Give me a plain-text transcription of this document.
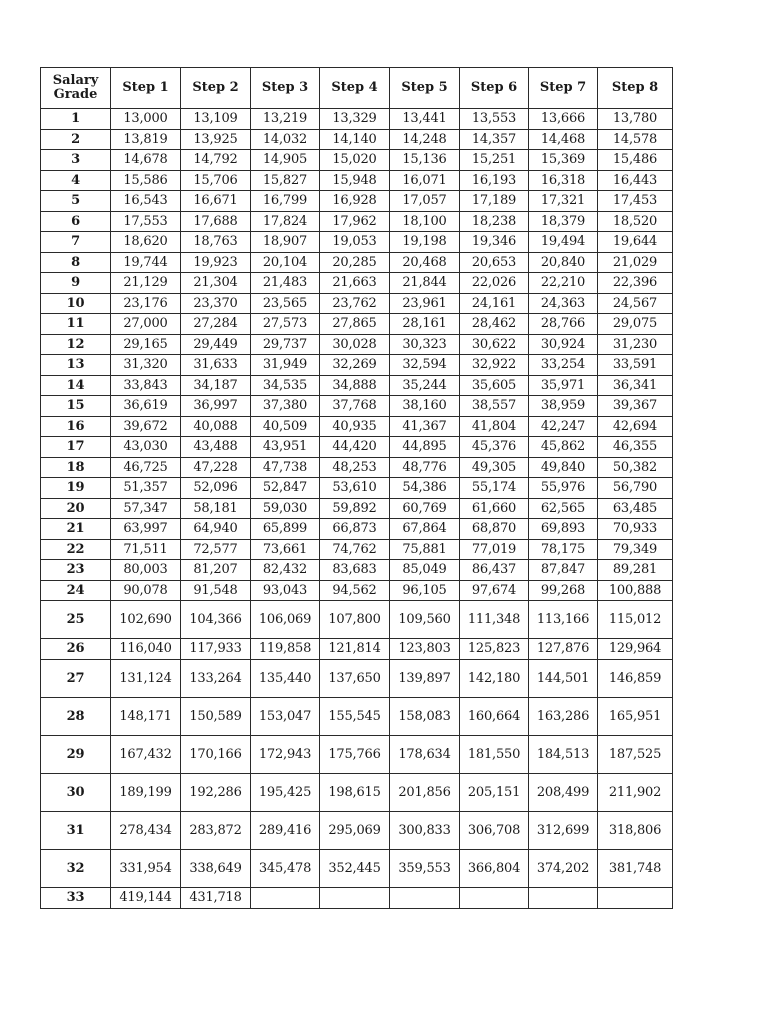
Salary
Grade	Step 1	Step 2	Step 3	Step 4	Step 5	Step 6	Step 7	Step 8
1	13,000	13,109	13,219	13,329	13,441	13,553	13,666	13,780
2	13,819	13,925	14,032	14,140	14,248	14,357	14,468	14,578
3	14,678	14,792	14,905	15,020	15,136	15,251	15,369	15,486
4	15,586	15,706	15,827	15,948	16,071	16,193	16,318	16,443
5	16,543	16,671	16,799	16,928	17,057	17,189	17,321	17,453
6	17,553	17,688	17,824	17,962	18,100	18,238	18,379	18,520
7	18,620	18,763	18,907	19,053	19,198	19,346	19,494	19,644
8	19,744	19,923	20,104	20,285	20,468	20,653	20,840	21,029
9	21,129	21,304	21,483	21,663	21,844	22,026	22,210	22,396
10	23,176	23,370	23,565	23,762	23,961	24,161	24,363	24,567
11	27,000	27,284	27,573	27,865	28,161	28,462	28,766	29,075
12	29,165	29,449	29,737	30,028	30,323	30,622	30,924	31,230
13	31,320	31,633	31,949	32,269	32,594	32,922	33,254	33,591
14	33,843	34,187	34,535	34,888	35,244	35,605	35,971	36,341
15	36,619	36,997	37,380	37,768	38,160	38,557	38,959	39,367
16	39,672	40,088	40,509	40,935	41,367	41,804	42,247	42,694
17	43,030	43,488	43,951	44,420	44,895	45,376	45,862	46,355
18	46,725	47,228	47,738	48,253	48,776	49,305	49,840	50,382
19	51,357	52,096	52,847	53,610	54,386	55,174	55,976	56,790
20	57,347	58,181	59,030	59,892	60,769	61,660	62,565	63,485
21	63,997	64,940	65,899	66,873	67,864	68,870	69,893	70,933
22	71,511	72,577	73,661	74,762	75,881	77,019	78,175	79,349
23	80,003	81,207	82,432	83,683	85,049	86,437	87,847	89,281
24	90,078	91,548	93,043	94,562	96,105	97,674	99,268	100,888
25	102,690	104,366	106,069	107,800	109,560	111,348	113,166	115,012
26	116,040	117,933	119,858	121,814	123,803	125,823	127,876	129,964
27	131,124	133,264	135,440	137,650	139,897	142,180	144,501	146,859
28	148,171	150,589	153,047	155,545	158,083	160,664	163,286	165,951
29	167,432	170,166	172,943	175,766	178,634	181,550	184,513	187,525
30	189,199	192,286	195,425	198,615	201,856	205,151	208,499	211,902
31	278,434	283,872	289,416	295,069	300,833	306,708	312,699	318,806
32	331,954	338,649	345,478	352,445	359,553	366,804	374,202	381,748
33	419,144	431,718						
